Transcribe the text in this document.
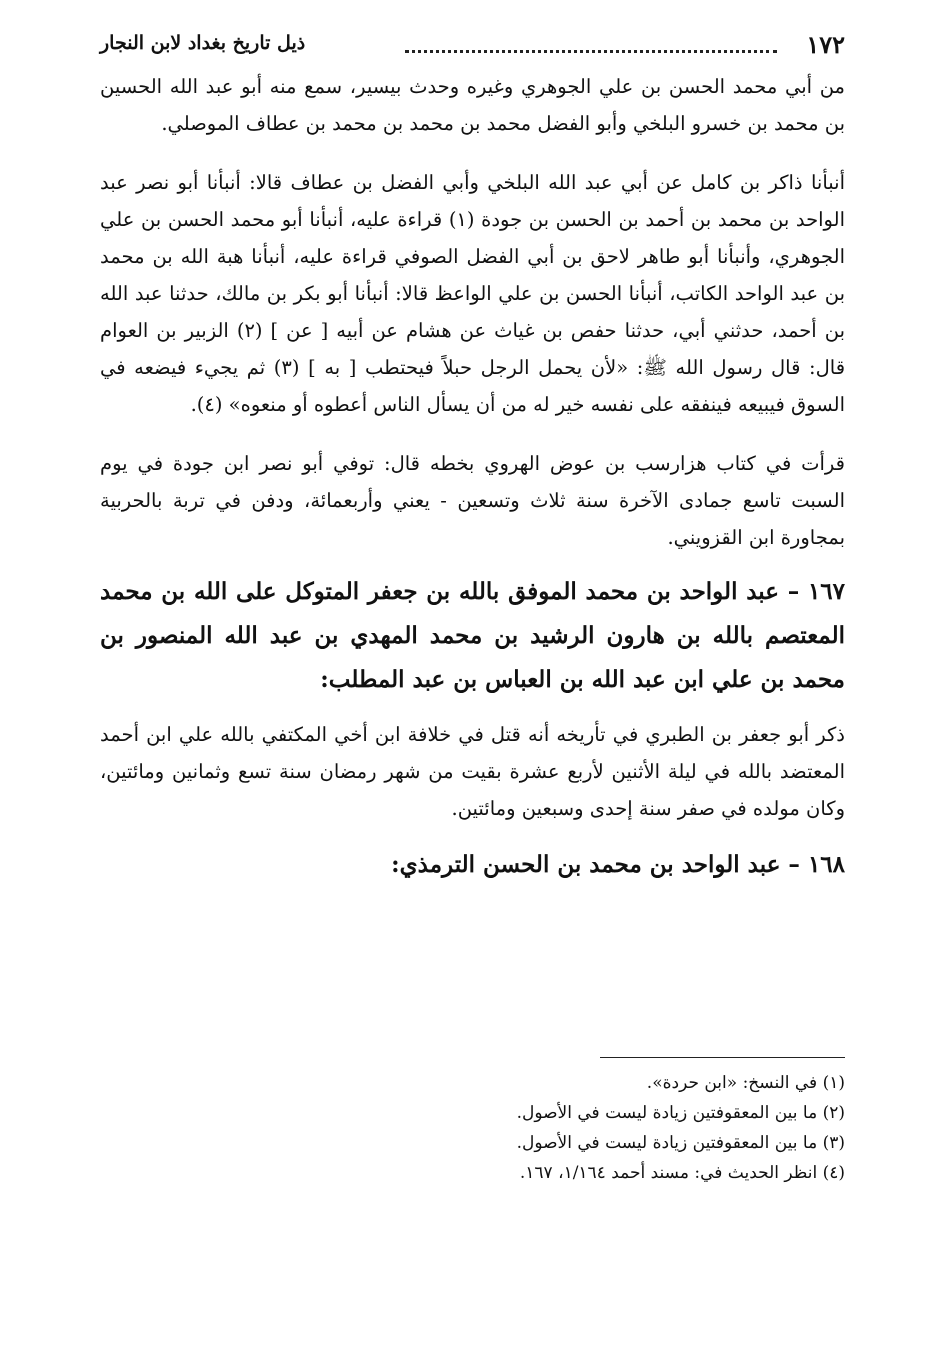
١٧٢
ذيل تاريخ بغداد لابن النجار

من أبي محمد الحسن بن علي الجوهري وغيره وحدث بيسير، سمع منه أبو عبد الله الحسين بن محمد بن خسرو البلخي وأبو الفضل محمد بن محمد بن محمد بن عطاف الموصلي.

أنبأنا ذاكر بن كامل عن أبي عبد الله البلخي وأبي الفضل بن عطاف قالا: أنبأنا أبو نصر عبد الواحد بن محمد بن أحمد بن الحسن بن جودة (١) قراءة عليه، أنبأنا أبو محمد الحسن بن علي الجوهري، وأنبأنا أبو طاهر لاحق بن أبي الفضل الصوفي قراءة عليه، أنبأنا هبة الله بن محمد بن عبد الواحد الكاتب، أنبأنا الحسن بن علي الواعظ قالا: أنبأنا أبو بكر بن مالك، حدثنا عبد الله بن أحمد، حدثني أبي، حدثنا حفص بن غياث عن هشام عن أبيه [ عن ] (٢) الزبير بن العوام قال: قال رسول الله ﷺ: «لأن يحمل الرجل حبلاً فيحتطب [ به ] (٣) ثم يجيء فيضعه في السوق فيبيعه فينفقه على نفسه خير له من أن يسأل الناس أعطوه أو منعوه» (٤).

قرأت في كتاب هزارسب بن عوض الهروي بخطه قال: توفي أبو نصر ابن جودة في يوم السبت تاسع جمادى الآخرة سنة ثلاث وتسعين - يعني وأربعمائة، ودفن في تربة بالحربية بمجاورة ابن القزويني.

١٦٧ – عبد الواحد بن محمد الموفق بالله بن جعفر المتوكل على الله بن محمد المعتصم بالله بن هارون الرشيد بن محمد المهدي بن عبد الله المنصور بن محمد بن علي ابن عبد الله بن العباس بن عبد المطلب:

ذكر أبو جعفر بن الطبري في تأريخه أنه قتل في خلافة ابن أخي المكتفي بالله علي ابن أحمد المعتضد بالله في ليلة الأثنين لأربع عشرة بقيت من شهر رمضان سنة تسع وثمانين ومائتين، وكان مولده في صفر سنة إحدى وسبعين ومائتين.

١٦٨ – عبد الواحد بن محمد بن الحسن الترمذي:

(١) في النسخ: «ابن حردة».
(٢) ما بين المعقوفتين زيادة ليست في الأصول.
(٣) ما بين المعقوفتين زيادة ليست في الأصول.
(٤) انظر الحديث في: مسند أحمد ١/١٦٤، ١٦٧.
